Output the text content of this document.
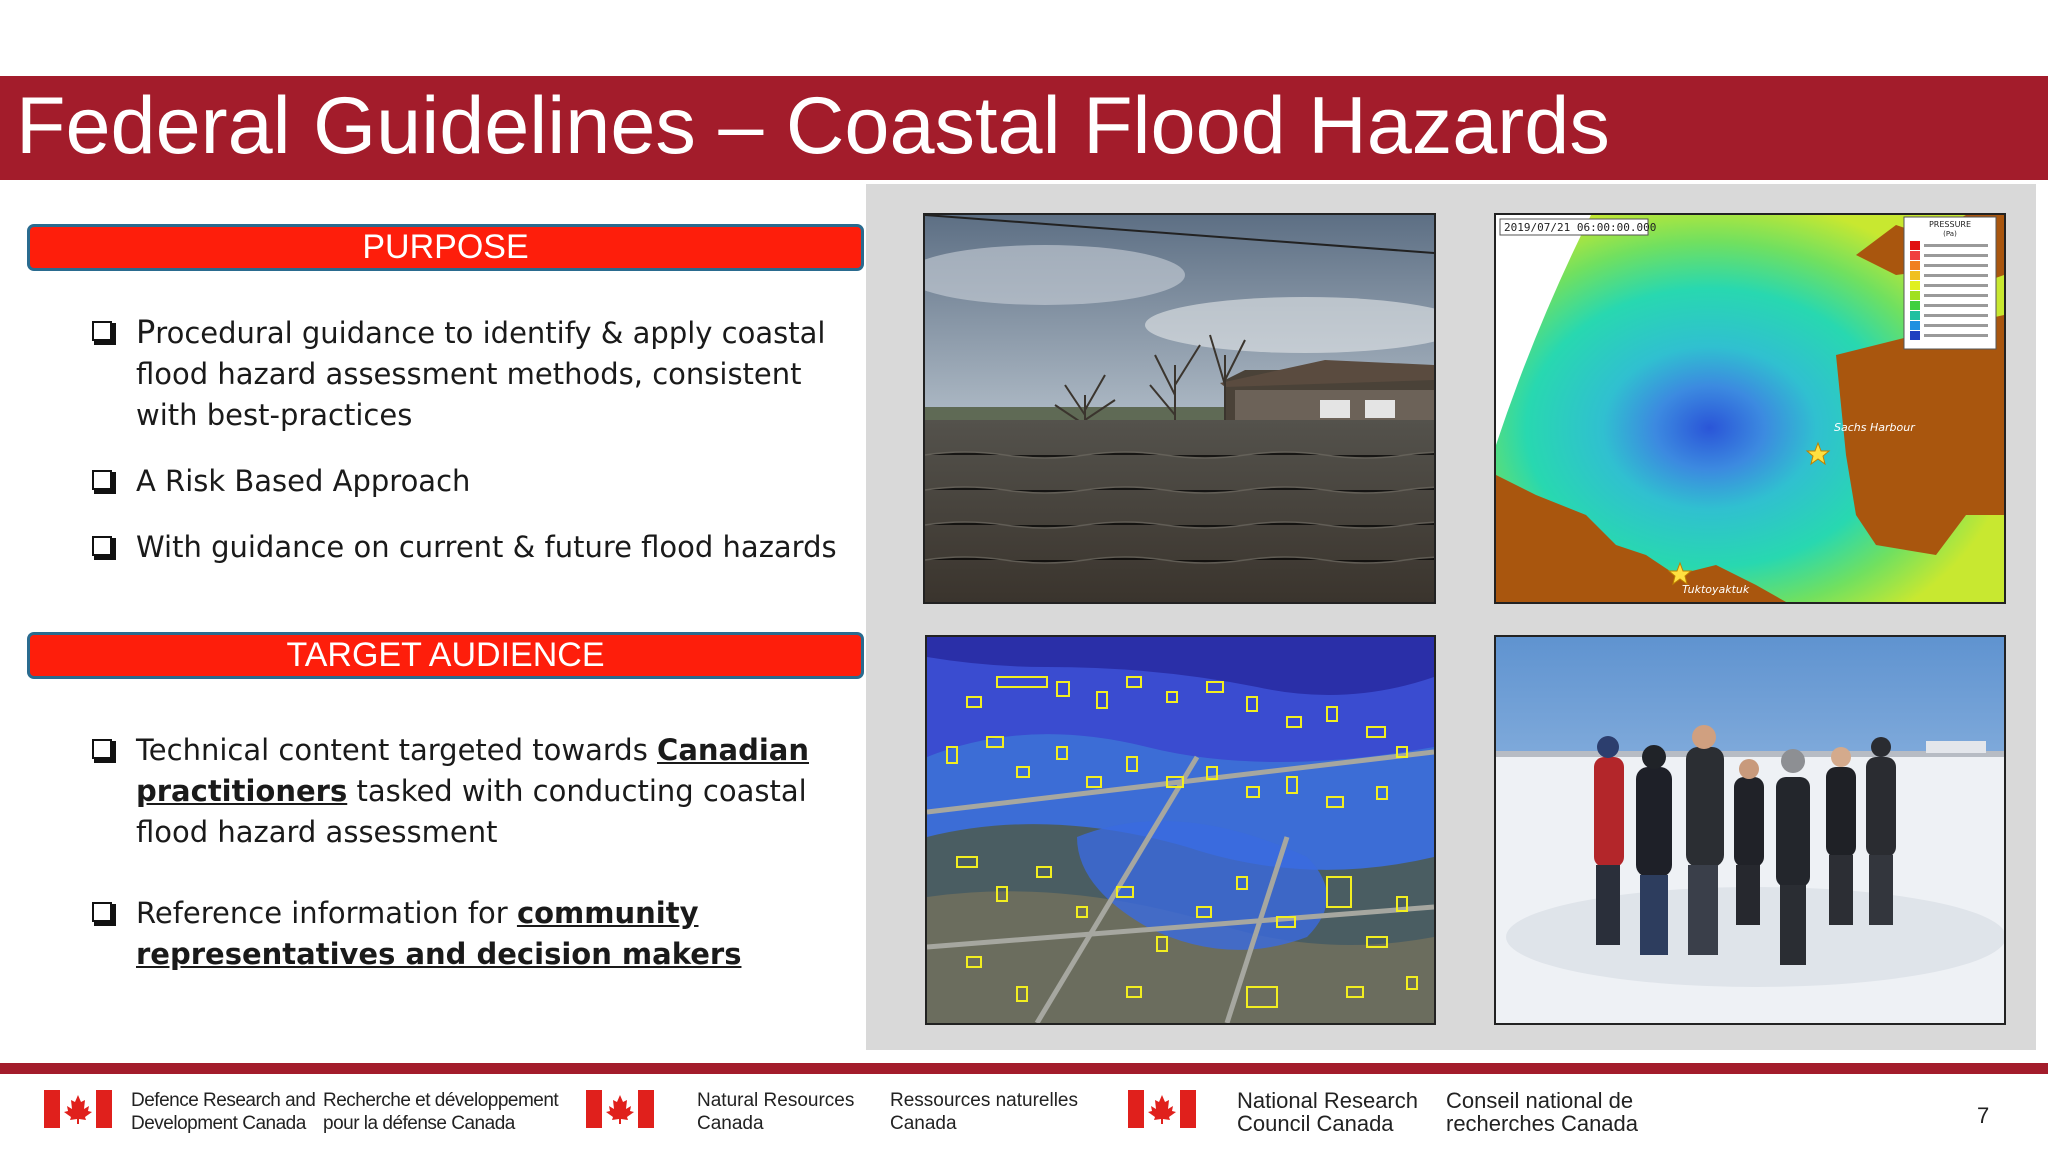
Federal Guidelines – Coastal Flood Hazards
PURPOSE
Procedural guidance to identify & apply coastal flood hazard assessment methods, consistent with best-practices
A Risk Based Approach
With guidance on current & future flood hazards
TARGET AUDIENCE
Technical content targeted towards Canadian practitioners tasked with conducting coastal flood hazard assessment
Reference information for community representatives and decision makers
2019/07/21 06:00:00.000	PRESSURE
(Pa)
Sachs Harbour
Tuktoyaktuk
Defence Research and
Development Canada
Recherche et développement
pour la défense Canada
Natural Resources
Canada
Ressources naturelles
Canada
National Research
Council Canada
Conseil national de
recherches Canada	7
